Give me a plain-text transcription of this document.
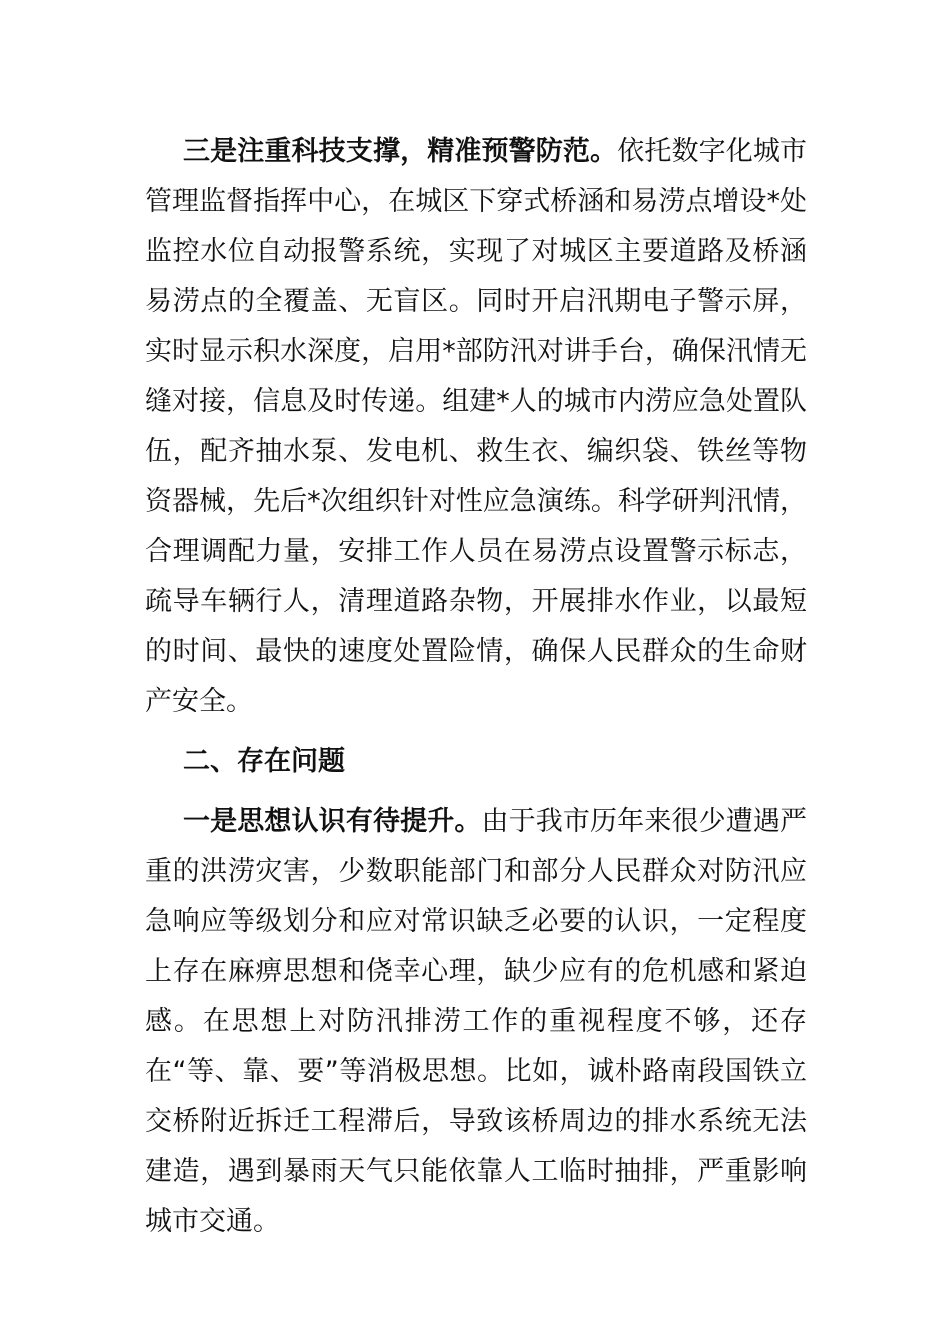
三是注重科技支撑，精准预警防范。依托数字化城市管理监督指挥中心，在城区下穿式桥涵和易涝点增设*处监控水位自动报警系统，实现了对城区主要道路及桥涵易涝点的全覆盖、无盲区。同时开启汛期电子警示屏，实时显示积水深度，启用*部防汛对讲手台，确保汛情无缝对接，信息及时传递。组建*人的城市内涝应急处置队伍，配齐抽水泵、发电机、救生衣、编织袋、铁丝等物资器械，先后*次组织针对性应急演练。科学研判汛情，合理调配力量，安排工作人员在易涝点设置警示标志，疏导车辆行人，清理道路杂物，开展排水作业，以最短的时间、最快的速度处置险情，确保人民群众的生命财产安全。

二、存在问题

一是思想认识有待提升。由于我市历年来很少遭遇严重的洪涝灾害，少数职能部门和部分人民群众对防汛应急响应等级划分和应对常识缺乏必要的认识，一定程度上存在麻痹思想和侥幸心理，缺少应有的危机感和紧迫感。在思想上对防汛排涝工作的重视程度不够，还存在“等、靠、要”等消极思想。比如，诚朴路南段国铁立交桥附近拆迁工程滞后，导致该桥周边的排水系统无法建造，遇到暴雨天气只能依靠人工临时抽排，严重影响城市交通。
